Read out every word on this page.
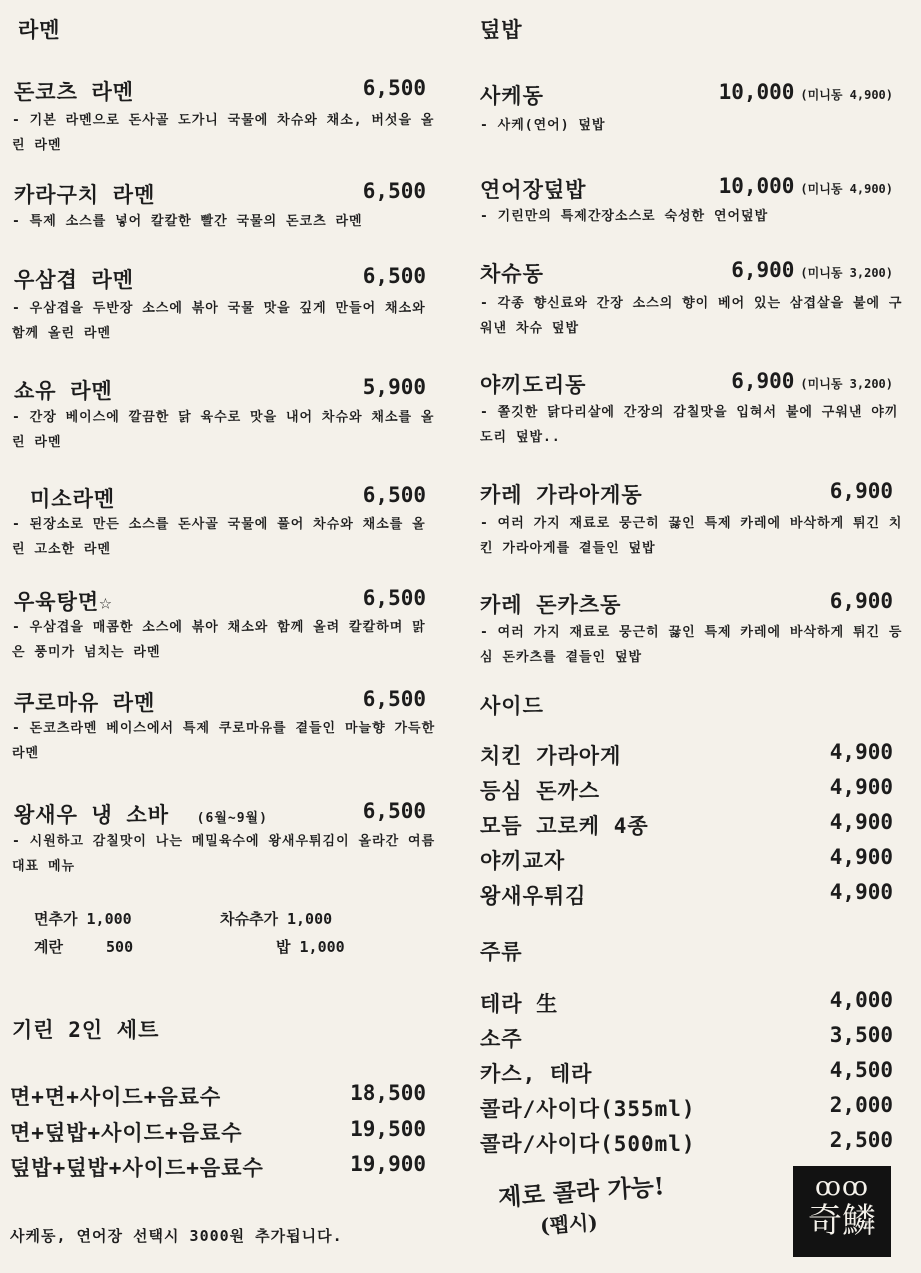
라멘
돈코츠 라멘	6,500
- 기본 라멘으로 돈사골 도가니 국물에 차슈와 채소, 버섯을 올린 라멘
카라구치 라멘	6,500
- 특제 소스를 넣어 칼칼한 빨간 국물의 돈코츠 라멘
우삼겹 라멘	6,500
- 우삼겹을 두반장 소스에 볶아 국물 맛을 깊게 만들어 채소와 함께 올린 라멘
쇼유 라멘	5,900
- 간장 베이스에 깔끔한 닭 육수로 맛을 내어 차슈와 채소를 올린 라멘
미소라멘	6,500
- 된장소로 만든 소스를 돈사골 국물에 풀어 차슈와 채소를 올린 고소한 라멘
우육탕면☆	6,500
- 우삼겹을 매콤한 소스에 볶아 채소와 함께 올려 칼칼하며 맑은 풍미가 넘치는 라멘
쿠로마유 라멘	6,500
- 돈코츠라멘 베이스에서 특제 쿠로마유를 곁들인 마늘향 가득한 라멘
왕새우 냉 소바 (6월~9월)	6,500
- 시원하고 감칠맛이 나는 메밀육수에 왕새우튀김이 올라간 여름 대표 메뉴
면추가 1,000	차슈추가 1,000
계란	500	밥 1,000
기린 2인 세트
면+면+사이드+음료수	18,500
면+덮밥+사이드+음료수	19,500
덮밥+덮밥+사이드+음료수	19,900
사케동, 연어장 선택시 3000원 추가됩니다.
덮밥
사케동	10,000 (미니동 4,900)
- 사케(연어) 덮밥
연어장덮밥	10,000 (미니동 4,900)
- 기린만의 특제간장소스로 숙성한 연어덮밥
차슈동	6,900 (미니동 3,200)
- 각종 향신료와 간장 소스의 향이 베어 있는 삼겹살을 불에 구워낸 차슈 덮밥
야끼도리동	6,900 (미니동 3,200)
- 쫄깃한 닭다리살에 간장의 감칠맛을 입혀서 불에 구워낸 야끼도리 덮밥..
카레 가라아게동	6,900
- 여러 가지 재료로 뭉근히 끓인 특제 카레에 바삭하게 튀긴 치킨 가라아게를 곁들인 덮밥
카레 돈카츠동	6,900
- 여러 가지 재료로 뭉근히 끓인 특제 카레에 바삭하게 튀긴 등심 돈카츠를 곁들인 덮밥
사이드
치킨 가라아게	4,900
등심 돈까스	4,900
모듬 고로케 4종	4,900
야끼교자	4,900
왕새우튀김	4,900
주류
테라 生	4,000
소주	3,500
카스, 테라	4,500
콜라/사이다(355ml)	2,000
콜라/사이다(500ml)	2,500
제로 콜라 가능!
(펩시)
ꝏꝏ
奇鱗
